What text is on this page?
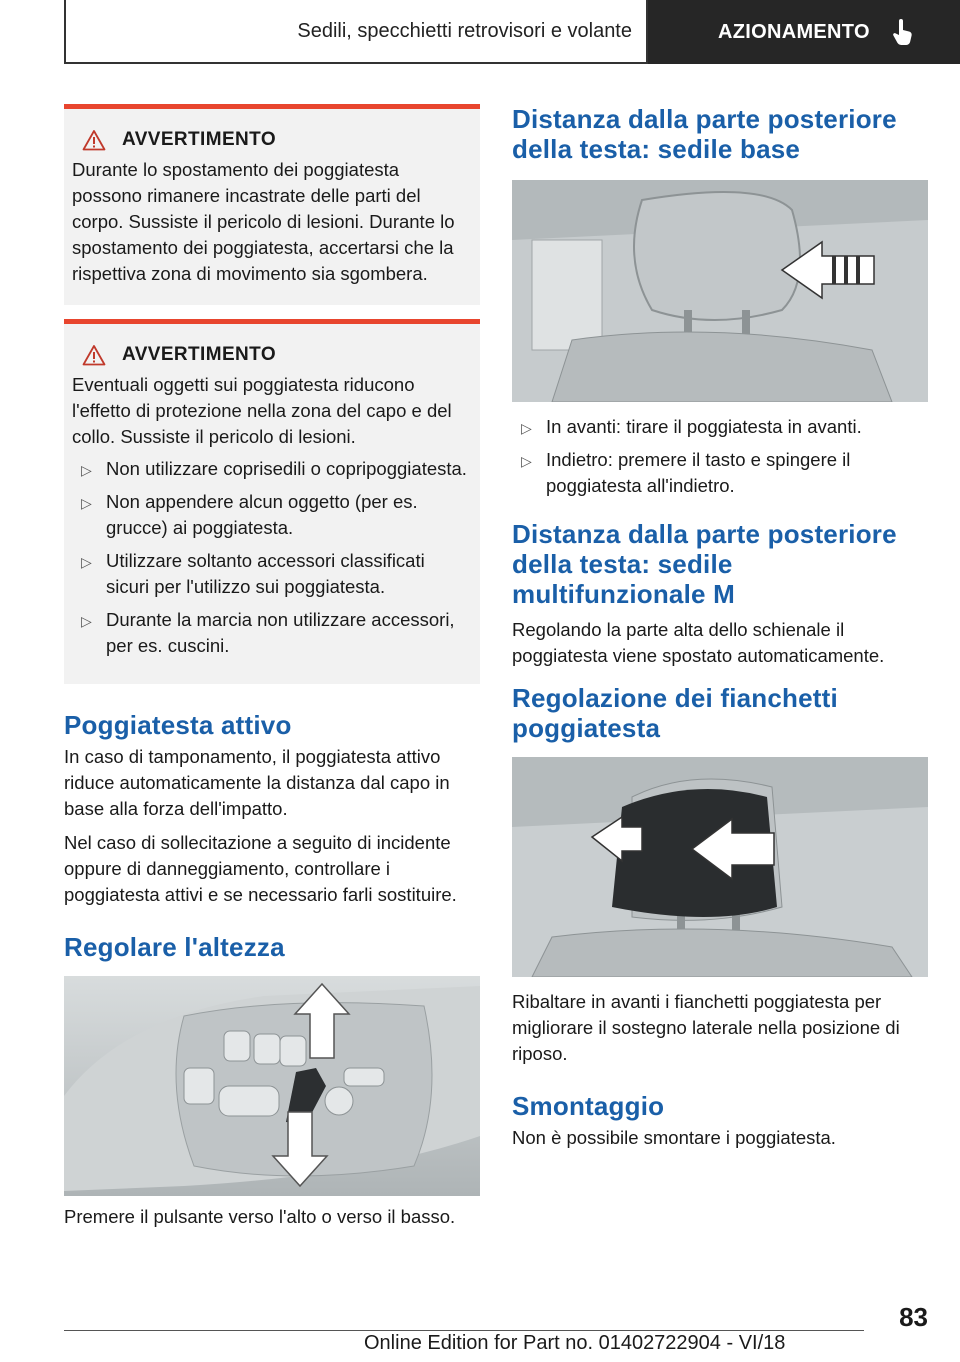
Sedili, specchietti retrovisori e volante	AZIONAMENTO
AVVERTIMENTO

Durante lo spostamento dei poggiatesta possono rimanere incastrate delle parti del corpo. Sussiste il pericolo di lesioni. Durante lo spostamento dei poggiatesta, accertarsi che la rispettiva zona di movimento sia sgombera.

AVVERTIMENTO

Eventuali oggetti sui poggiatesta riducono l'effetto di protezione nella zona del capo e del collo. Sussiste il pericolo di lesioni.

▷ Non utilizzare coprisedili o copripoggiatesta.
▷ Non appendere alcun oggetto (per es. grucce) ai poggiatesta.
▷ Utilizzare soltanto accessori classificati sicuri per l'utilizzo sui poggiatesta.
▷ Durante la marcia non utilizzare accessori, per es. cuscini.
Poggiatesta attivo

In caso di tamponamento, il poggiatesta attivo riduce automaticamente la distanza dal capo in base alla forza dell'impatto.

Nel caso di sollecitazione a seguito di incidente oppure di danneggiamento, controllare i poggiatesta attivi e se necessario farli sostituire.

Regolare l'altezza

Premere il pulsante verso l'alto o verso il basso.

Distanza dalla parte posteriore della testa: sedile base
▷ In avanti: tirare il poggiatesta in avanti.
▷ Indietro: premere il tasto e spingere il poggiatesta all'indietro.
Distanza dalla parte posteriore della testa: sedile multifunzionale M

Regolando la parte alta dello schienale il poggiatesta viene spostato automaticamente.

Regolazione dei fianchetti poggiatesta

Ribaltare in avanti i fianchetti poggiatesta per migliorare il sostegno laterale nella posizione di riposo.

Smontaggio

Non è possibile smontare i poggiatesta.

83
Online Edition for Part no. 01402722904 - VI/18
